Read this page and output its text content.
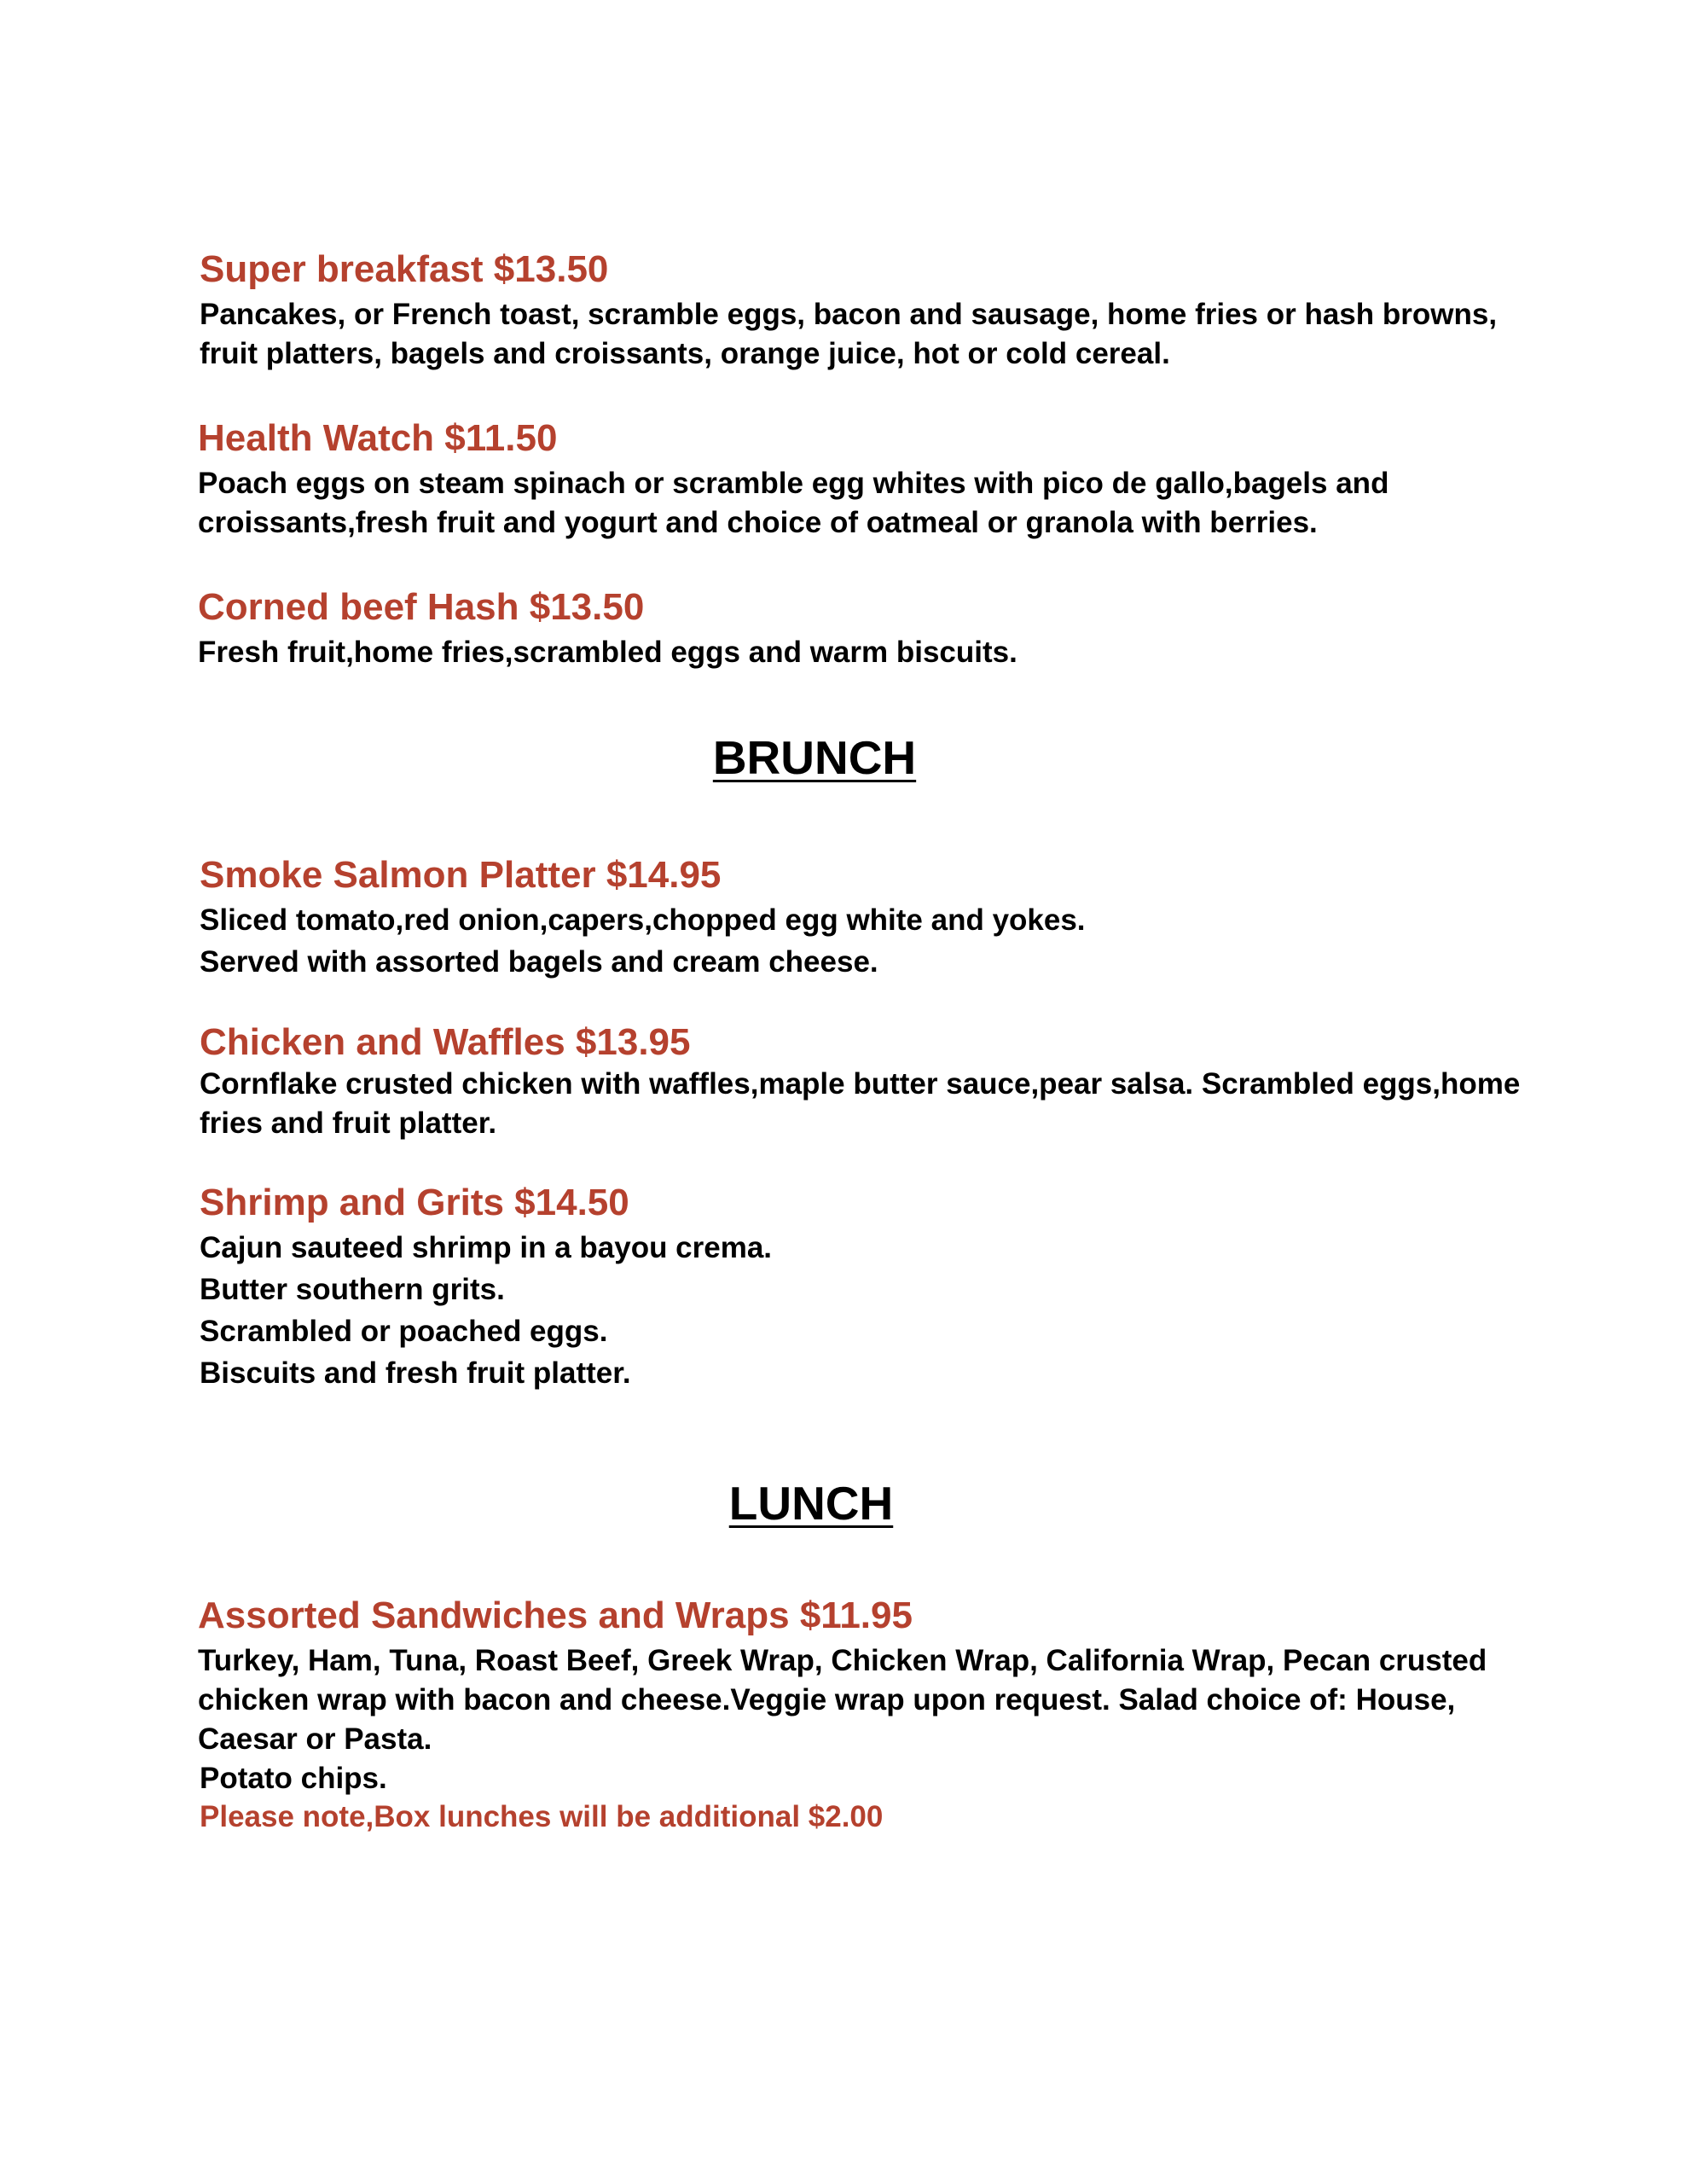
Super breakfast $13.50
Pancakes, or French toast, scramble eggs, bacon and sausage, home fries or hash browns, fruit platters, bagels and croissants, orange juice, hot or cold cereal.
Health Watch $11.50
Poach eggs on steam spinach or scramble egg whites with pico de gallo,bagels and croissants,fresh fruit and yogurt and choice of oatmeal or granola with berries.
Corned beef Hash $13.50
Fresh fruit,home fries,scrambled eggs and warm biscuits.
BRUNCH
Smoke Salmon Platter $14.95
Sliced tomato,red onion,capers,chopped egg white and yokes.
Served with assorted bagels and cream cheese.
Chicken and Waffles $13.95
Cornflake crusted chicken with waffles,maple butter sauce,pear salsa. Scrambled eggs,home fries and fruit platter.
Shrimp and Grits $14.50
Cajun sauteed shrimp in a bayou crema.
Butter southern grits.
Scrambled or poached eggs.
Biscuits and fresh fruit platter.
LUNCH
Assorted Sandwiches and Wraps $11.95
Turkey, Ham, Tuna, Roast Beef, Greek Wrap, Chicken Wrap, California Wrap, Pecan crusted chicken wrap with bacon and cheese.Veggie wrap upon request. Salad choice of: House, Caesar or Pasta.
Potato chips.
Please note,Box lunches will be additional $2.00
